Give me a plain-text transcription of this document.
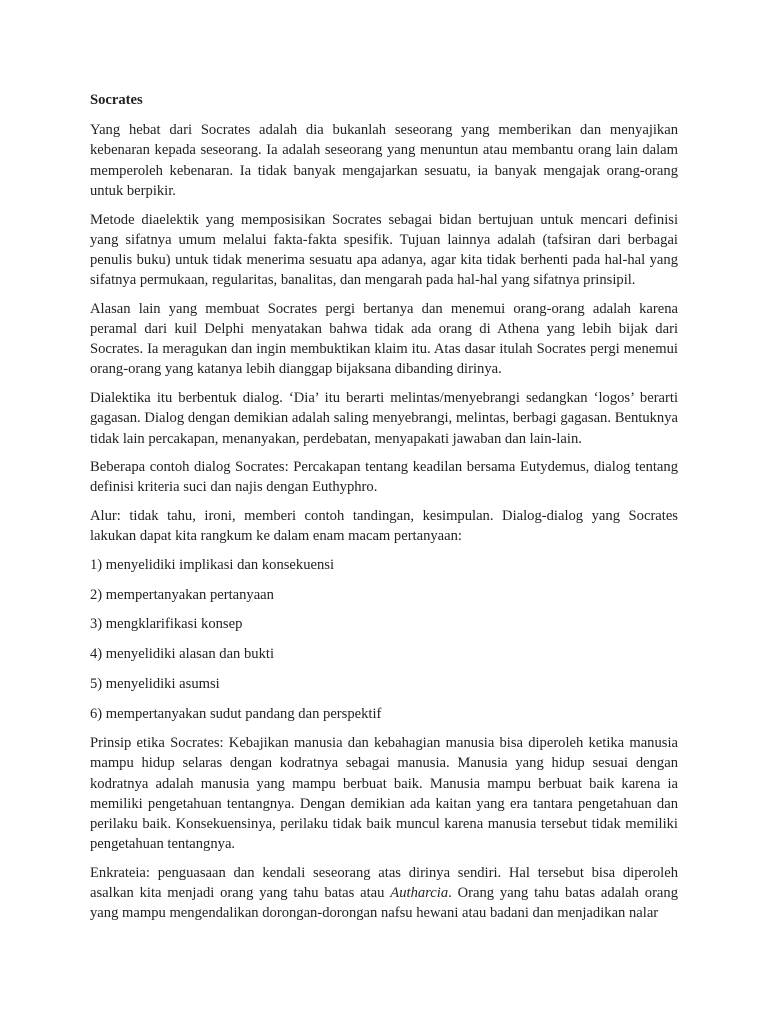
Socrates

Yang hebat dari Socrates adalah dia bukanlah seseorang yang memberikan dan menyajikan kebenaran kepada seseorang. Ia adalah seseorang yang menuntun atau membantu orang lain dalam memperoleh kebenaran. Ia tidak banyak mengajarkan sesuatu, ia banyak mengajak orang-orang untuk berpikir.

Metode diaelektik yang memposisikan Socrates sebagai bidan bertujuan untuk mencari definisi yang sifatnya umum melalui fakta-fakta spesifik. Tujuan lainnya adalah (tafsiran dari berbagai penulis buku) untuk tidak menerima sesuatu apa adanya, agar kita tidak berhenti pada hal-hal yang sifatnya permukaan, regularitas, banalitas, dan mengarah pada hal-hal yang sifatnya prinsipil.

Alasan lain yang membuat Socrates pergi bertanya dan menemui orang-orang adalah karena peramal dari kuil Delphi menyatakan bahwa tidak ada orang di Athena yang lebih bijak dari Socrates. Ia meragukan dan ingin membuktikan klaim itu. Atas dasar itulah Socrates pergi menemui orang-orang yang katanya lebih dianggap bijaksana dibanding dirinya.

Dialektika itu berbentuk dialog. ‘Dia’ itu berarti melintas/menyebrangi sedangkan ‘logos’ berarti gagasan. Dialog dengan demikian adalah saling menyebrangi, melintas, berbagi gagasan. Bentuknya tidak lain percakapan, menanyakan, perdebatan, menyapakati jawaban dan lain-lain.

Beberapa contoh dialog Socrates: Percakapan tentang keadilan bersama Eutydemus, dialog tentang definisi kriteria suci dan najis dengan Euthyphro.

Alur: tidak tahu, ironi, memberi contoh tandingan, kesimpulan. Dialog-dialog yang Socrates lakukan dapat kita rangkum ke dalam enam macam pertanyaan:

1) menyelidiki implikasi dan konsekuensi
2) mempertanyakan pertanyaan
3) mengklarifikasi konsep
4) menyelidiki alasan dan bukti
5) menyelidiki asumsi
6) mempertanyakan sudut pandang dan perspektif

Prinsip etika Socrates: Kebajikan manusia dan kebahagian manusia bisa diperoleh ketika manusia mampu hidup selaras dengan kodratnya sebagai manusia. Manusia yang hidup sesuai dengan kodratnya adalah manusia yang mampu berbuat baik. Manusia mampu berbuat baik karena ia memiliki pengetahuan tentangnya. Dengan demikian ada kaitan yang era tantara pengetahuan dan perilaku baik. Konsekuensinya, perilaku tidak baik muncul karena manusia tersebut tidak memiliki pengetahuan tentangnya.

Enkrateia: penguasaan dan kendali seseorang atas dirinya sendiri. Hal tersebut bisa diperoleh asalkan kita menjadi orang yang tahu batas atau Autharcia. Orang yang tahu batas adalah orang yang mampu mengendalikan dorongan-dorongan nafsu hewani atau badani dan menjadikan nalar
